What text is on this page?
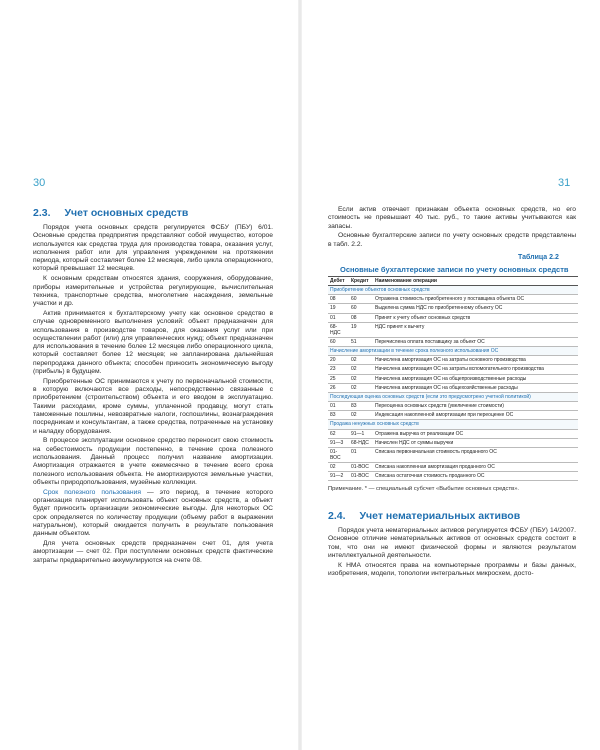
30
2.3. Учет основных средств

Порядок учета основных средств регулируется ФСБУ (ПБУ) 6/01. Основные средства предприятия представляют собой имущество, которое используется как средства труда для производства товара, оказания услуг, исполнения работ или для управления учреждением на протяжении периода, который составляет более 12 месяцев, либо цикла операционного, который превышает 12 месяцев.

К основным средствам относятся здания, сооружения, оборудование, приборы измерительные и устройства регулирующие, вычислительная техника, транспортные средства, многолетние насаждения, земельные участки и др.

Актив принимается к бухгалтерскому учету как основное средство в случае одновременного выполнения условий: объект предназначен для использования в производстве товаров, для оказания услуг или при осуществлении работ (или) для управленческих нужд; объект предназначен для использования в течение более 12 месяцев либо операционного цикла, который составляет более 12 месяцев; не запланирована дальнейшая перепродажа данного объекта; способен приносить экономическую выгоду (прибыль) в будущем.

Приобретенные ОС принимаются к учету по первоначальной стоимости, в которую включаются все расходы, непосредственно связанные с приобретением (строительством) объекта и его вводом в эксплуатацию. Такими расходами, кроме суммы, уплаченной продавцу, могут стать таможенные пошлины, невозвратные налоги, госпошлины, вознаграждения посредникам и консультантам, а также средства, потраченные на установку и наладку оборудования.

В процессе эксплуатации основное средство переносит свою стоимость на себестоимость продукции постепенно, в течение срока полезного использования. Данный процесс получил название амортизации. Амортизация отражается в учете ежемесячно в течение всего срока полезного использования объекта. Не амортизируются земельные участки, объекты природопользования, музейные коллекции.

Срок полезного пользования — это период, в течение которого организация планирует использовать объект основных средств, а объект будет приносить организации экономические выгоды. Для некоторых ОС срок определяется по количеству продукции (объему работ в выражении натуральном), который ожидается получить в результате пользования данным объектом.

Для учета основных средств предназначен счет 01, для учета амортизации — счет 02. При поступлении основных средств фактические затраты предварительно аккумулируются на счете 08.

31

Если актив отвечает признакам объекта основных средств, но его стоимость не превышает 40 тыс. руб., то такие активы учитываются как запасы.

Основные бухгалтерские записи по учету основных средств представлены в табл. 2.2.

Таблица 2.2
Основные бухгалтерские записи по учету основных средств
Дебет	Кредит	Наименование операции
Приобретение объектов основных средств		
08	60	Отражена стоимость приобретенного у поставщика объекта ОС
19	60	Выделена сумма НДС по приобретенному объекту ОС
01	08	Принят к учету объект основных средств
68-НДС	19	НДС принят к вычету
60	51	Перечислена оплата поставщику за объект ОС
Начисление амортизации в течение срока полезного использования ОС		
20	02	Начислена амортизация ОС на затраты основного производства
23	02	Начислена амортизация ОС на затраты вспомогательного производства
25	02	Начислена амортизация ОС на общепроизводственные расходы
26	02	Начислена амортизация ОС на общехозяйственные расходы
Последующая оценка основных средств (если это предусмотрено учетной политикой)		
01	83	Переоценка основных средств (увеличение стоимости)
83	02	Индексация накопленной амортизации при переоценке ОС
Продажа ненужных основных средств		
62	91—1	Отражена выручка от реализации ОС
91—3	68-НДС	Начислен НДС от суммы выручки
01-ВОС	01	Списана первоначальная стоимость проданного ОС
02	01-ВОС	Списана накопленная амортизация проданного ОС
91—2	01-ВОС	Списана остаточная стоимость проданного ОС
Примечание. * — специальный субсчет «Выбытие основных средств».
2.4. Учет нематериальных активов

Порядок учета нематериальных активов регулируется ФСБУ (ПБУ) 14/2007. Основное отличие нематериальных активов от основных средств состоит в том, что они не имеют физической формы и являются результатом интеллектуальной деятельности.

К НМА относятся права на компьютерные программы и базы данных, изобретения, модели, топологии интегральных микросхем, досто-
